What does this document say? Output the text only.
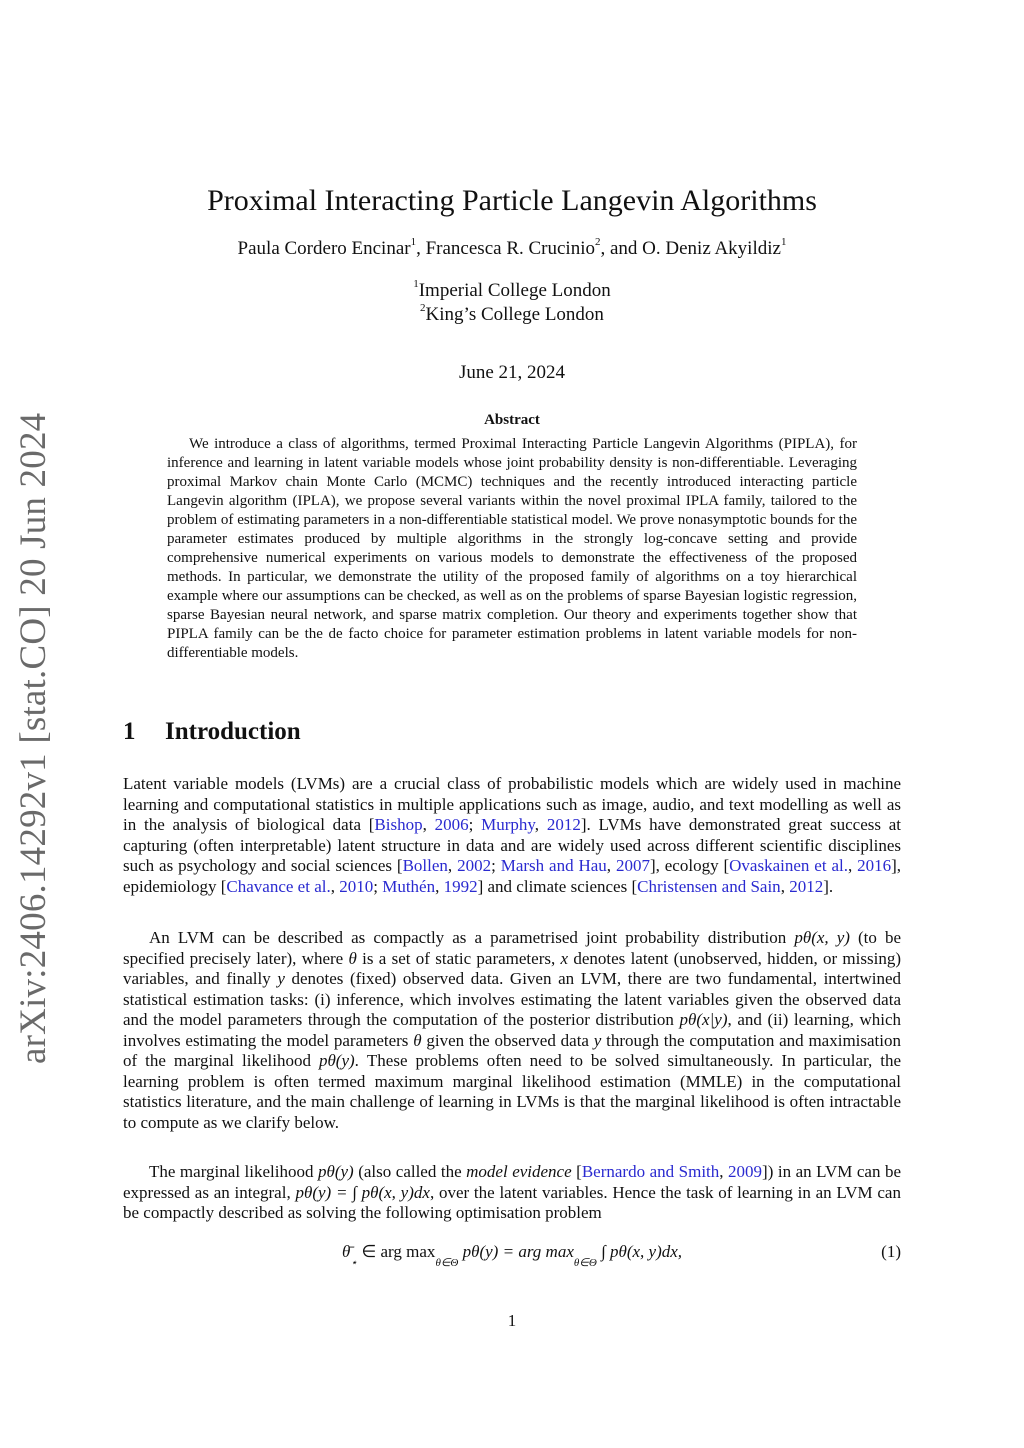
arXiv:2406.14292v1 [stat.CO] 20 Jun 2024
Proximal Interacting Particle Langevin Algorithms
Paula Cordero Encinar$^1$, Francesca R. Crucinio$^2$, and O. Deniz Akyildiz$^1$
$^1$Imperial College London
$^2$King’s College London
June 21, 2024
Abstract

We introduce a class of algorithms, termed Proximal Interacting Particle Langevin Algorithms (PIPLA), for inference and learning in latent variable models whose joint probability density is non-differentiable. Leveraging proximal Markov chain Monte Carlo (MCMC) techniques and the recently introduced interacting particle Langevin algorithm (IPLA), we propose several variants within the novel proximal IPLA family, tailored to the problem of estimating parameters in a non-differentiable statistical model. We prove nonasymptotic bounds for the parameter estimates produced by multiple algorithms in the strongly log-concave setting and provide comprehensive numerical experiments on various models to demonstrate the effectiveness of the proposed methods. In particular, we demonstrate the utility of the proposed family of algorithms on a toy hierarchical example where our assumptions can be checked, as well as on the problems of sparse Bayesian logistic regression, sparse Bayesian neural network, and sparse matrix completion. Our theory and experiments together show that PIPLA family can be the de facto choice for parameter estimation problems in latent variable models for non-differentiable models.

1 Introduction

Latent variable models (LVMs) are a crucial class of probabilistic models which are widely used in machine learning and computational statistics in multiple applications such as image, audio, and text modelling as well as in the analysis of biological data [Bishop, 2006; Murphy, 2012]. LVMs have demonstrated great success at capturing (often interpretable) latent structure in data and are widely used across different scientific disciplines such as psychology and social sciences [Bollen, 2002; Marsh and Hau, 2007], ecology [Ovaskainen et al., 2016], epidemiology [Chavance et al., 2010; Muthén, 1992] and climate sciences [Christensen and Sain, 2012].

An LVM can be described as compactly as a parametrised joint probability distribution pθ(x, y) (to be specified precisely later), where θ is a set of static parameters, x denotes latent (unobserved, hidden, or missing) variables, and finally y denotes (fixed) observed data. Given an LVM, there are two fundamental, intertwined statistical estimation tasks: (i) inference, which involves estimating the latent variables given the observed data and the model parameters through the computation of the posterior distribution pθ(x|y), and (ii) learning, which involves estimating the model parameters θ given the observed data y through the computation and maximisation of the marginal likelihood pθ(y). These problems often need to be solved simultaneously. In particular, the learning problem is often termed maximum marginal likelihood estimation (MMLE) in the computational statistics literature, and the main challenge of learning in LVMs is that the marginal likelihood is often intractable to compute as we clarify below.

The marginal likelihood pθ(y) (also called the model evidence [Bernardo and Smith, 2009]) in an LVM can be expressed as an integral, pθ(y) = ∫ pθ(x, y)dx, over the latent variables. Hence the task of learning in an LVM can be compactly described as solving the following optimisation problem

$\thetā_⋆$ ∈ arg $\max_{\theta\in\Theta} p\theta(y)$ = arg $\max_{\theta\in\Theta}$ ∫ pθ(x, y)dx,	(1)
1
